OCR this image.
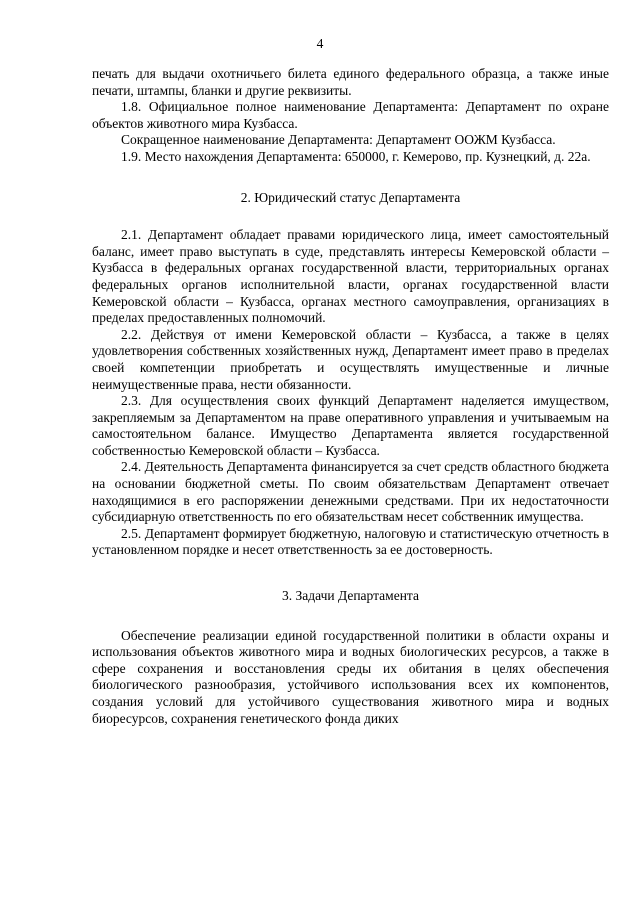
4

печать для выдачи охотничьего билета единого федерального образца, а также иные печати, штампы, бланки и другие реквизиты.

1.8. Официальное полное наименование Департамента: Департамент по охране объектов животного мира Кузбасса.

Сокращенное наименование Департамента: Департамент ООЖМ Кузбасса.

1.9. Место нахождения Департамента: 650000, г. Кемерово, пр. Кузнецкий, д. 22а.

2. Юридический статус Департамента

2.1. Департамент обладает правами юридического лица, имеет самостоятельный баланс, имеет право выступать в суде, представлять интересы Кемеровской области – Кузбасса в федеральных органах государственной власти, территориальных органах федеральных органов исполнительной власти, органах государственной власти Кемеровской области – Кузбасса, органах местного самоуправления, организациях в пределах предоставленных полномочий.

2.2. Действуя от имени Кемеровской области – Кузбасса, а также в целях удовлетворения собственных хозяйственных нужд, Департамент имеет право в пределах своей компетенции приобретать и осуществлять имущественные и личные неимущественные права, нести обязанности.

2.3. Для осуществления своих функций Департамент наделяется имуществом, закрепляемым за Департаментом на праве оперативного управления и учитываемым на самостоятельном балансе. Имущество Департамента является государственной собственностью Кемеровской области – Кузбасса.

2.4. Деятельность Департамента финансируется за счет средств областного бюджета на основании бюджетной сметы. По своим обязательствам Департамент отвечает находящимися в его распоряжении денежными средствами. При их недостаточности субсидиарную ответственность по его обязательствам несет собственник имущества.

2.5. Департамент формирует бюджетную, налоговую и статистическую отчетность в установленном порядке и несет ответственность за ее достоверность.

3. Задачи Департамента

Обеспечение реализации единой государственной политики в области охраны и использования объектов животного мира и водных биологических ресурсов, а также в сфере сохранения и восстановления среды их обитания в целях обеспечения биологического разнообразия, устойчивого использования всех их компонентов, создания условий для устойчивого существования животного мира и водных биоресурсов, сохранения генетического фонда диких
